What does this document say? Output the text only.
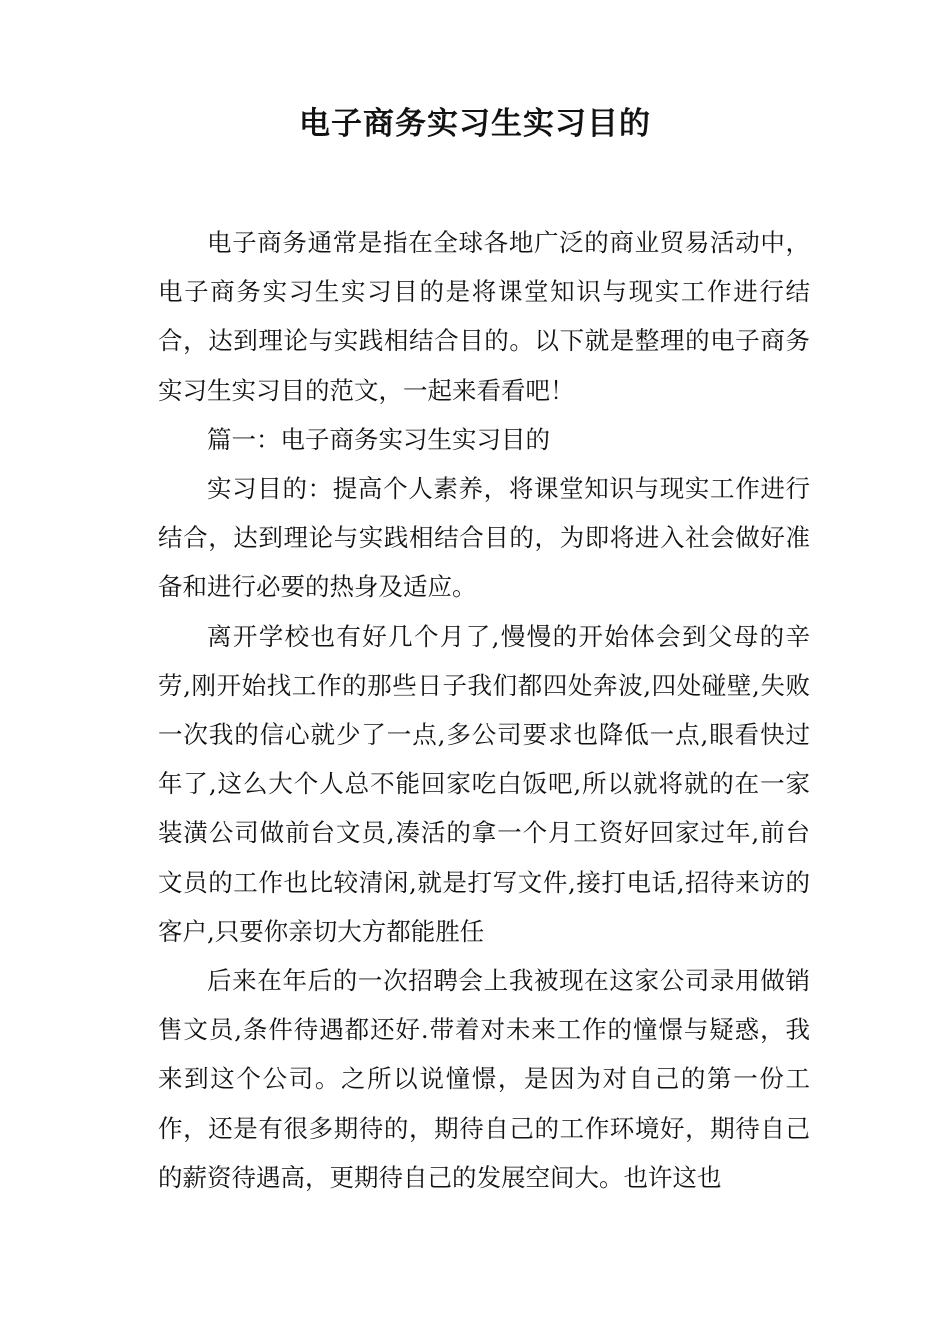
电子商务实习生实习目的

电子商务通常是指在全球各地广泛的商业贸易活动中，电子商务实习生实习目的是将课堂知识与现实工作进行结合，达到理论与实践相结合目的。以下就是整理的电子商务实习生实习目的范文，一起来看看吧！

篇一：电子商务实习生实习目的

实习目的：提高个人素养，将课堂知识与现实工作进行结合，达到理论与实践相结合目的，为即将进入社会做好准备和进行必要的热身及适应。

离开学校也有好几个月了,慢慢的开始体会到父母的辛劳,刚开始找工作的那些日子我们都四处奔波,四处碰壁,失败一次我的信心就少了一点,多公司要求也降低一点,眼看快过年了,这么大个人总不能回家吃白饭吧,所以就将就的在一家装潢公司做前台文员,凑活的拿一个月工资好回家过年,前台文员的工作也比较清闲,就是打写文件,接打电话,招待来访的客户,只要你亲切大方都能胜任

后来在年后的一次招聘会上我被现在这家公司录用做销售文员,条件待遇都还好.带着对未来工作的憧憬与疑惑，我来到这个公司。之所以说憧憬，是因为对自己的第一份工作，还是有很多期待的，期待自己的工作环境好，期待自己的薪资待遇高，更期待自己的发展空间大。也许这也
